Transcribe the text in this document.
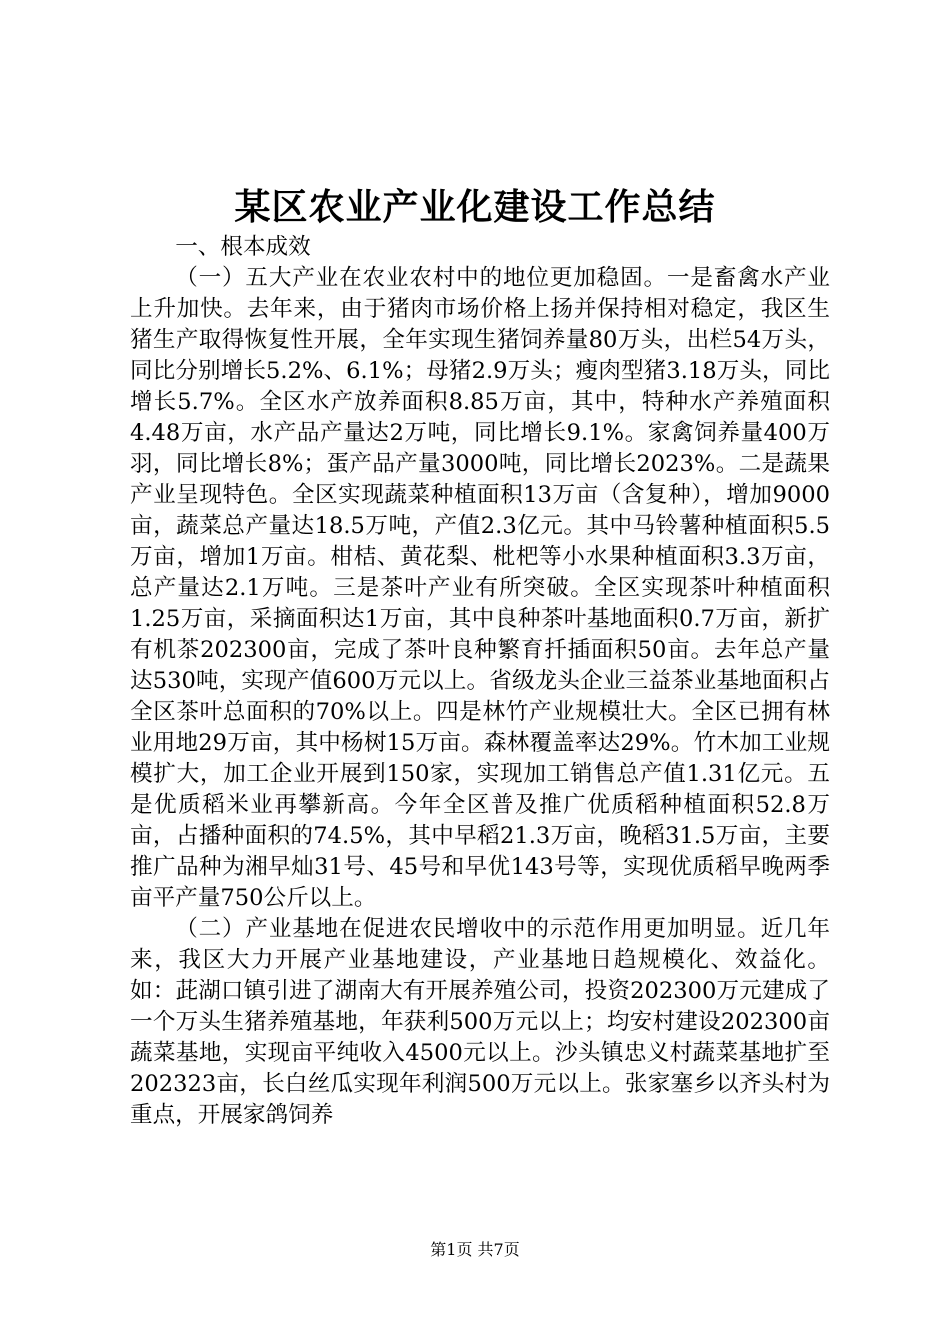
某区农业产业化建设工作总结

一、根本成效

（一）五大产业在农业农村中的地位更加稳固。一是畜禽水产业上升加快。去年来，由于猪肉市场价格上扬并保持相对稳定，我区生猪生产取得恢复性开展，全年实现生猪饲养量80万头，出栏54万头，同比分别增长5.2%、6.1%；母猪2.9万头；瘦肉型猪3.18万头，同比增长5.7%。全区水产放养面积8.85万亩，其中，特种水产养殖面积4.48万亩，水产品产量达2万吨，同比增长9.1%。家禽饲养量400万羽，同比增长8%；蛋产品产量3000吨，同比增长2023%。二是蔬果产业呈现特色。全区实现蔬菜种植面积13万亩（含复种），增加9000亩，蔬菜总产量达18.5万吨，产值2.3亿元。其中马铃薯种植面积5.5万亩，增加1万亩。柑桔、黄花梨、枇杷等小水果种植面积3.3万亩，总产量达2.1万吨。三是茶叶产业有所突破。全区实现茶叶种植面积1.25万亩，采摘面积达1万亩，其中良种茶叶基地面积0.7万亩，新扩有机茶202300亩，完成了茶叶良种繁育扦插面积50亩。去年总产量达530吨，实现产值600万元以上。省级龙头企业三益茶业基地面积占全区茶叶总面积的70%以上。四是林竹产业规模壮大。全区已拥有林业用地29万亩，其中杨树15万亩。森林覆盖率达29%。竹木加工业规模扩大，加工企业开展到150家，实现加工销售总产值1.31亿元。五是优质稻米业再攀新高。今年全区普及推广优质稻种植面积52.8万亩，占播种面积的74.5%，其中早稻21.3万亩，晚稻31.5万亩，主要推广品种为湘早灿31号、45号和早优143号等，实现优质稻早晚两季亩平产量750公斤以上。

（二）产业基地在促进农民增收中的示范作用更加明显。近几年来，我区大力开展产业基地建设，产业基地日趋规模化、效益化。如：茈湖口镇引进了湖南大有开展养殖公司，投资202300万元建成了一个万头生猪养殖基地，年获利500万元以上；均安村建设202300亩蔬菜基地，实现亩平纯收入4500元以上。沙头镇忠义村蔬菜基地扩至202323亩，长白丝瓜实现年利润500万元以上。张家塞乡以齐头村为重点，开展家鸽饲养

第1页 共7页
